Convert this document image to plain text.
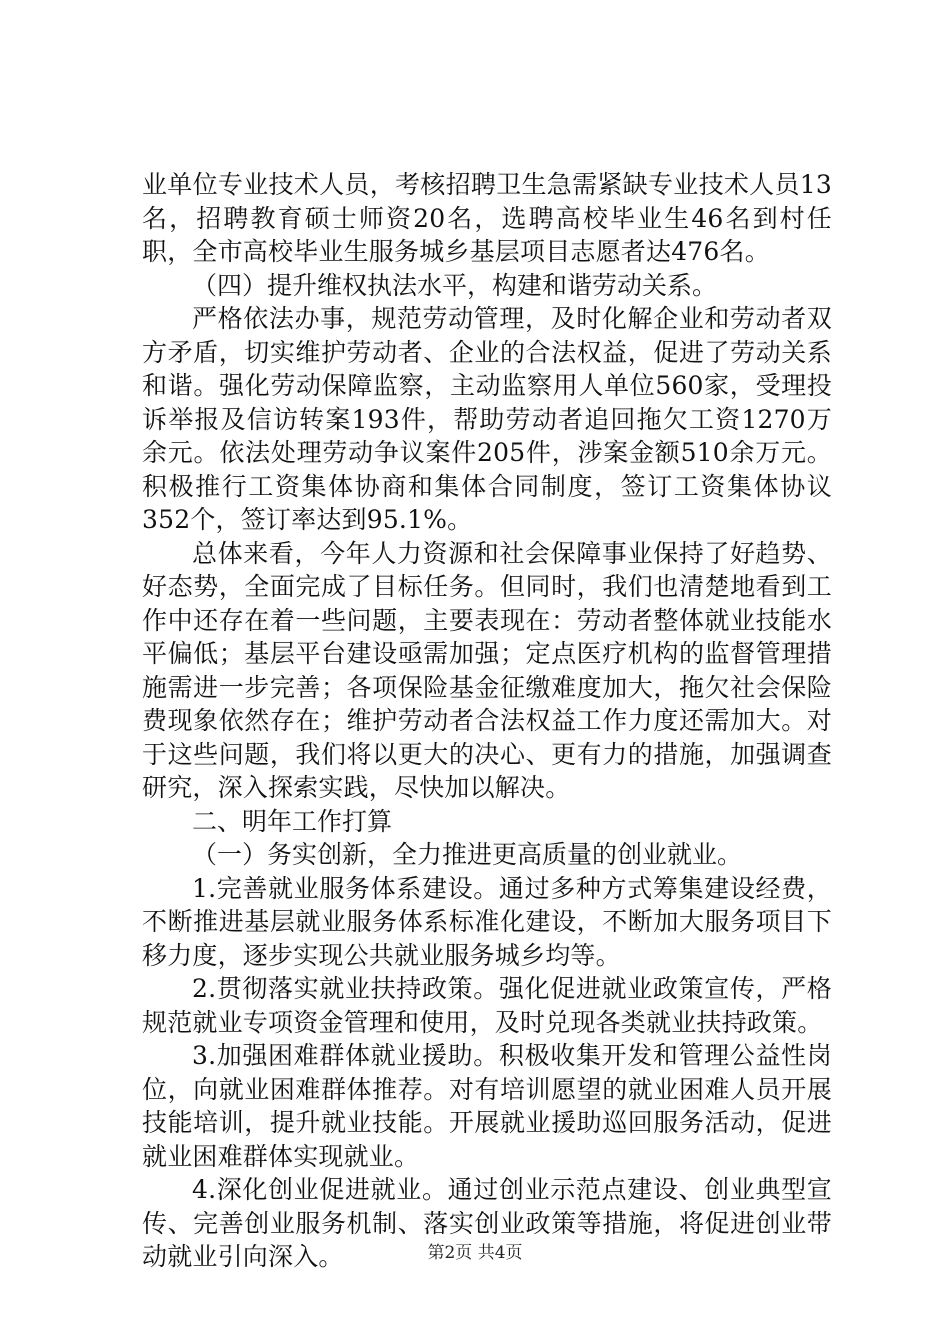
业单位专业技术人员，考核招聘卫生急需紧缺专业技术人员13名，招聘教育硕士师资20名，选聘高校毕业生46名到村任职，全市高校毕业生服务城乡基层项目志愿者达476名。

（四）提升维权执法水平，构建和谐劳动关系。

严格依法办事，规范劳动管理，及时化解企业和劳动者双方矛盾，切实维护劳动者、企业的合法权益，促进了劳动关系和谐。强化劳动保障监察，主动监察用人单位560家，受理投诉举报及信访转案193件，帮助劳动者追回拖欠工资1270万余元。依法处理劳动争议案件205件，涉案金额510余万元。积极推行工资集体协商和集体合同制度，签订工资集体协议352个，签订率达到95.1%。

总体来看，今年人力资源和社会保障事业保持了好趋势、好态势，全面完成了目标任务。但同时，我们也清楚地看到工作中还存在着一些问题，主要表现在：劳动者整体就业技能水平偏低；基层平台建设亟需加强；定点医疗机构的监督管理措施需进一步完善；各项保险基金征缴难度加大，拖欠社会保险费现象依然存在；维护劳动者合法权益工作力度还需加大。对于这些问题，我们将以更大的决心、更有力的措施，加强调查研究，深入探索实践，尽快加以解决。

二、明年工作打算

（一）务实创新，全力推进更高质量的创业就业。

1.完善就业服务体系建设。通过多种方式筹集建设经费，不断推进基层就业服务体系标准化建设，不断加大服务项目下移力度，逐步实现公共就业服务城乡均等。

2.贯彻落实就业扶持政策。强化促进就业政策宣传，严格规范就业专项资金管理和使用，及时兑现各类就业扶持政策。

3.加强困难群体就业援助。积极收集开发和管理公益性岗位，向就业困难群体推荐。对有培训愿望的就业困难人员开展技能培训，提升就业技能。开展就业援助巡回服务活动，促进就业困难群体实现就业。

4.深化创业促进就业。通过创业示范点建设、创业典型宣传、完善创业服务机制、落实创业政策等措施，将促进创业带动就业引向深入。	第2页 共4页
